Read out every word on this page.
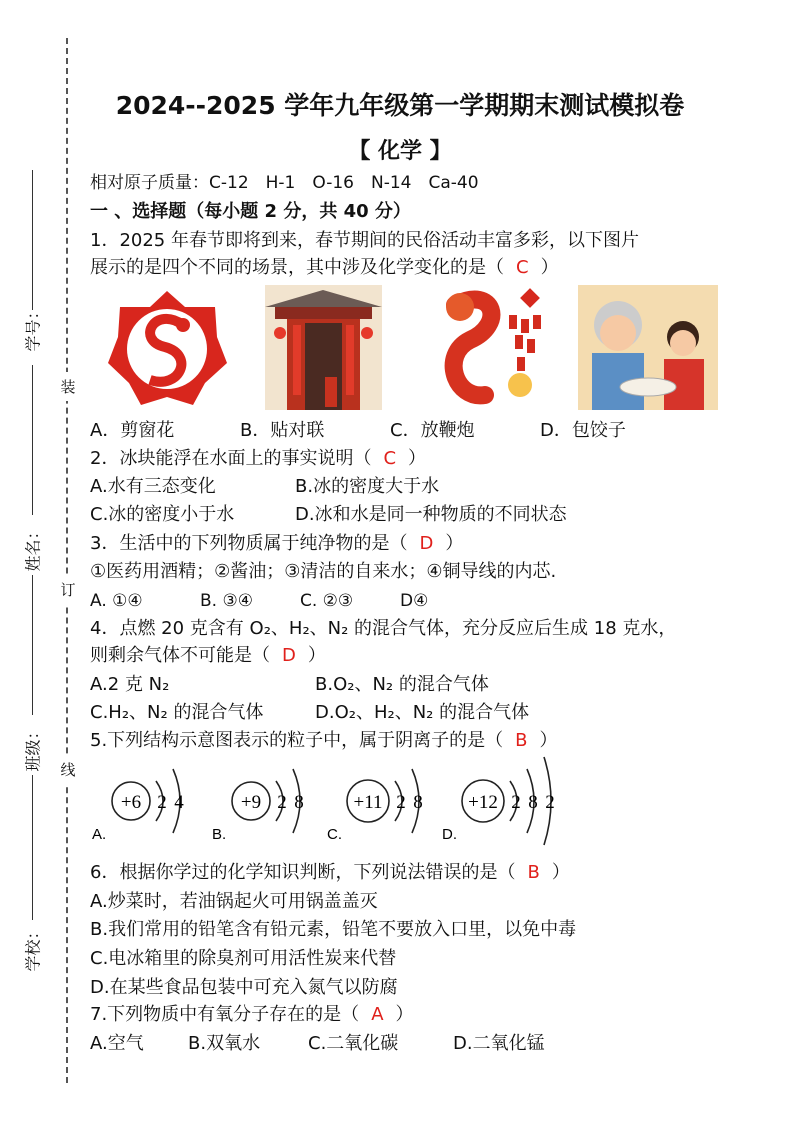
装
订
线
学号：
姓名：
班级：
学校：
2024--2025 学年九年级第一学期期末测试模拟卷
【 化学 】
相对原子质量：C-12　H-1　O-16　N-14　Ca-40
一 、选择题（每小题 2 分，共 40 分）
1．2025 年春节即将到来，春节期间的民俗活动丰富多彩，以下图片
展示的是四个不同的场景，其中涉及化学变化的是（ C ）
A．剪窗花	B．贴对联	C．放鞭炮	D．包饺子
2．冰块能浮在水面上的事实说明（ C ）
A.水有三态变化	B.冰的密度大于水
C.冰的密度小于水	D.冰和水是同一种物质的不同状态
3．生活中的下列物质属于纯净物的是（ D ）
①医药用酒精；②酱油；③清洁的自来水；④铜导线的内芯.
A. ①④	B. ③④	C. ②③	D④
4．点燃 20 克含有 O₂、H₂、N₂ 的混合气体，充分反应后生成 18 克水，
则剩余气体不可能是（ D ）
A.2 克 N₂	B.O₂、N₂ 的混合气体
C.H₂、N₂ 的混合气体	D.O₂、H₂、N₂ 的混合气体
5.下列结构示意图表示的粒子中，属于阴离子的是（ B ）
+6 2 4
A.
+9 2 8
B.
+11 2 8
C.
+12 2 8 2
D.
6．根据你学过的化学知识判断，下列说法错误的是（ B ）
A.炒菜时，若油锅起火可用锅盖盖灭
B.我们常用的铅笔含有铅元素，铅笔不要放入口里，以免中毒
C.电冰箱里的除臭剂可用活性炭来代替
D.在某些食品包装中可充入氮气以防腐
7.下列物质中有氧分子存在的是（ A ）
A.空气 B.双氧水	C.二氧化碳	D.二氧化锰
